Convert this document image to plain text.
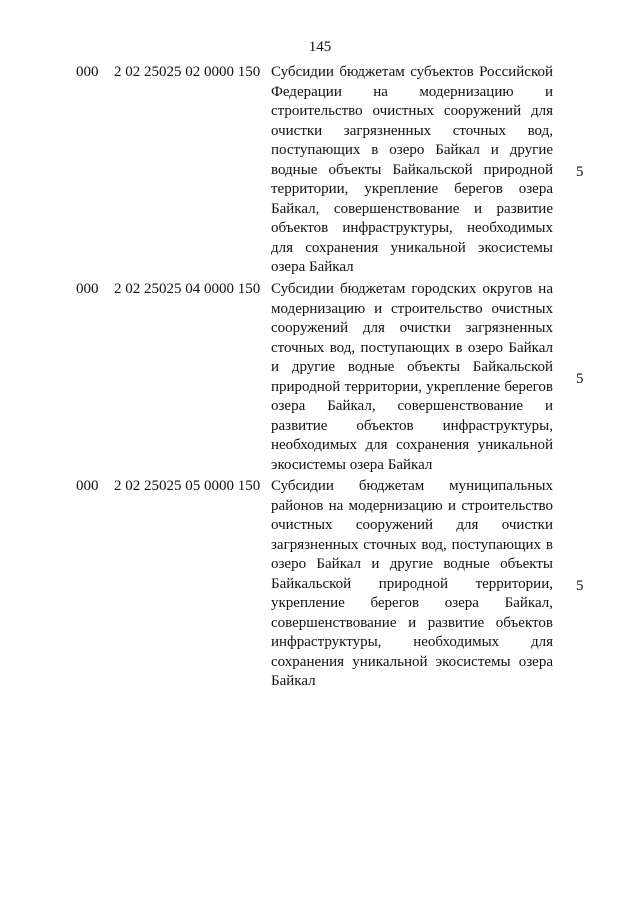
145
000 2 02 25025 02 0000 150 Субсидии бюджетам субъектов Российской Федерации на модернизацию и строительство очистных сооружений для очистки загрязненных сточных вод, поступающих в озеро Байкал и другие водные объекты Байкальской природной территории, укрепление берегов озера Байкал, совершенствование и развитие объектов инфраструктуры, необходимых для сохранения уникальной экосистемы озера Байкал
5
000 2 02 25025 04 0000 150 Субсидии бюджетам городских округов на модернизацию и строительство очистных сооружений для очистки загрязненных сточных вод, поступающих в озеро Байкал и другие водные объекты Байкальской природной территории, укрепление берегов озера Байкал, совершенствование и развитие объектов инфраструктуры, необходимых для сохранения уникальной экосистемы озера Байкал
5
000 2 02 25025 05 0000 150 Субсидии бюджетам муниципальных районов на модернизацию и строительство очистных сооружений для очистки загрязненных сточных вод, поступающих в озеро Байкал и другие водные объекты Байкальской природной территории, укрепление берегов озера Байкал, совершенствование и развитие объектов инфраструктуры, необходимых для сохранения уникальной экосистемы озера Байкал
5
